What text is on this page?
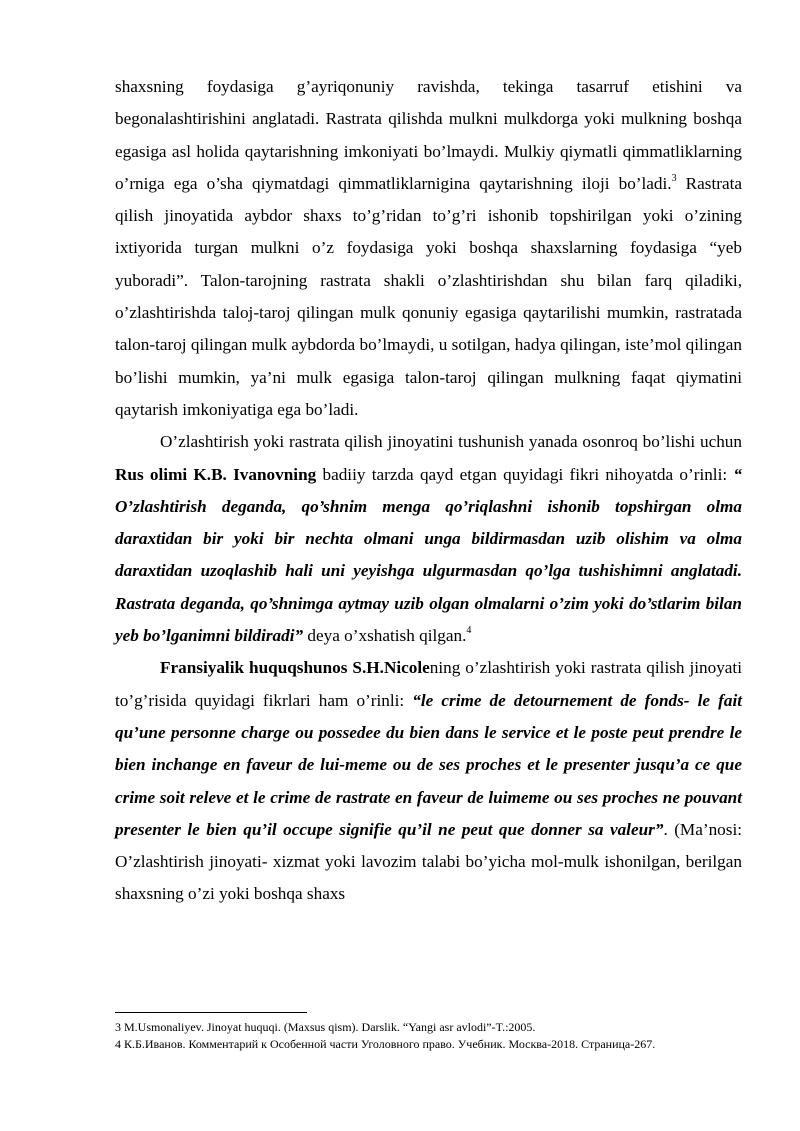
shaxsning foydasiga g’ayriqonuniy ravishda, tekinga tasarruf etishini va begonalashtirishini anglatadi. Rastrata qilishda mulkni mulkdorga yoki mulkning boshqa egasiga asl holida qaytarishning imkoniyati bo’lmaydi. Mulkiy qiymatli qimmatliklarning o’rniga ega o’sha qiymatdagi qimmatliklarnigina qaytarishning iloji bo’ladi.$^3$ Rastrata qilish jinoyatida aybdor shaxs to’g’ridan to’g’ri ishonib topshirilgan yoki o’zining ixtiyorida turgan mulkni o’z foydasiga yoki boshqa shaxslarning foydasiga “yeb yuboradi”. Talon-tarojning rastrata shakli o’zlashtirishdan shu bilan farq qiladiki, o’zlashtirishda taloj-taroj qilingan mulk qonuniy egasiga qaytarilishi mumkin, rastratada talon-taroj qilingan mulk aybdorda bo’lmaydi, u sotilgan, hadya qilingan, iste’mol qilingan bo’lishi mumkin, ya’ni mulk egasiga talon-taroj qilingan mulkning faqat qiymatini qaytarish imkoniyatiga ega bo’ladi.

O’zlashtirish yoki rastrata qilish jinoyatini tushunish yanada osonroq bo’lishi uchun Rus olimi K.B. Ivanovning badiiy tarzda qayd etgan quyidagi fikri nihoyatda o’rinli: “ O’zlashtirish deganda, qo’shnim menga qo’riqlashni ishonib topshirgan olma daraxtidan bir yoki bir nechta olmani unga bildirmasdan uzib olishim va olma daraxtidan uzoqlashib hali uni yeyishga ulgurmasdan qo’lga tushishimni anglatadi. Rastrata deganda, qo’shnimga aytmay uzib olgan olmalarni o’zim yoki do’stlarim bilan yeb bo’lganimni bildiradi” deya o’xshatish qilgan.$^4$

Fransiyalik huquqshunos S.H.Nicolening o’zlashtirish yoki rastrata qilish jinoyati to’g’risida quyidagi fikrlari ham o’rinli: “le crime de detournement de fonds- le fait qu’une personne charge ou possedee du bien dans le service et le poste peut prendre le bien inchange en faveur de lui-meme ou de ses proches et le presenter jusqu’a ce que crime soit releve et le crime de rastrate en faveur de luimeme ou ses proches ne pouvant presenter le bien qu’il occupe signifie qu’il ne peut que donner sa valeur”. (Ma’nosi: O’zlashtirish jinoyati- xizmat yoki lavozim talabi bo’yicha mol-mulk ishonilgan, berilgan shaxsning o’zi yoki boshqa shaxs

3 M.Usmonaliyev. Jinoyat huquqi. (Maxsus qism). Darslik. “Yangi asr avlodi”-T.:2005.

4 К.Б.Иванов. Комментарий к Особенной части Уголовного право. Учебник. Москва-2018. Страница-267.
